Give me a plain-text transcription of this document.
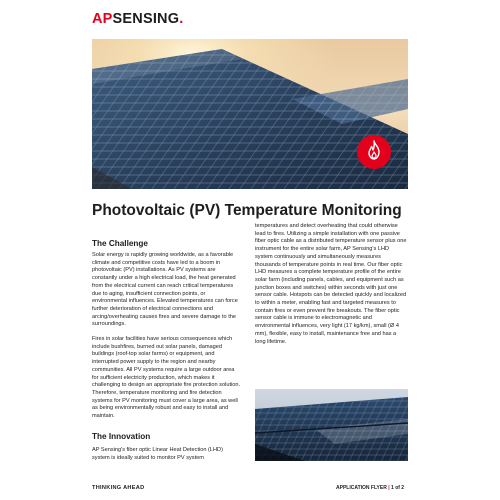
APSENSING.
Photovoltaic (PV) Temperature Monitoring
The Challenge

Solar energy is rapidly growing worldwide, as a favorable climate and competitive costs have led to a boom in photovoltaic (PV) installations. As PV systems are constantly under a high electrical load, the heat generated from the electrical current can reach critical temperatures due to aging, insufficient connection points, or environmental influences. Elevated temperatures can force further deterioration of electrical connections and arcing/overheating causes fires and severe damage to the surroundings.

Fires in solar facilities have serious consequences which include bushfires, burned out solar panels, damaged buildings (roof-top solar farms) or equipment, and interrupted power supply to the region and nearby communities. All PV systems require a large outdoor area for sufficient electricity production, which makes it challenging to design an appropriate fire protection solution. Therefore, temperature monitoring and fire detection systems for PV monitoring must cover a large area, as well as being environmentally robust and easy to install and maintain.

The Innovation

AP Sensing's fiber optic Linear Heat Detection (LHD) system is ideally suited to monitor PV system

temperatures and detect overheating that could otherwise lead to fires. Utilizing a simple installation with one passive fiber optic cable as a distributed temperature sensor plus one instrument for the entire solar farm, AP Sensing's LHD system continuously and simultaneously measures thousands of temperature points in real time. Our fiber optic LHD measures a complete temperature profile of the entire solar farm (including panels, cables, and equipment such as junction boxes and switches) within seconds with just one sensor cable. Hotspots can be detected quickly and localized to within a meter, enabling fast and targeted measures to contain fires or even prevent fire breakouts. The fiber optic sensor cable is immune to electromagnetic and environmental influences, very light (17 kg/km), small (Ø 4 mm), flexible, easy to install, maintenance free and has a long lifetime.

THINKING AHEAD	APPLICATION FLYER | 1 of 2
